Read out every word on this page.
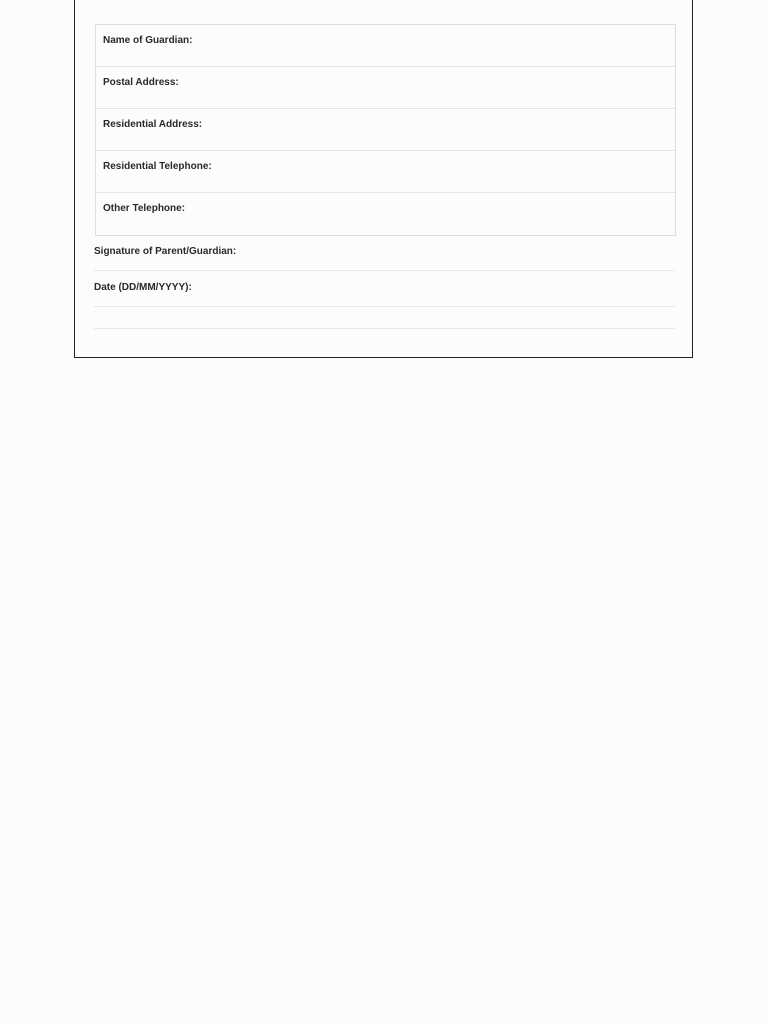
Name of Guardian:
Postal Address:
Residential Address:
Residential Telephone:
Other Telephone:
Signature of Parent/Guardian:
Date (DD/MM/YYYY):
